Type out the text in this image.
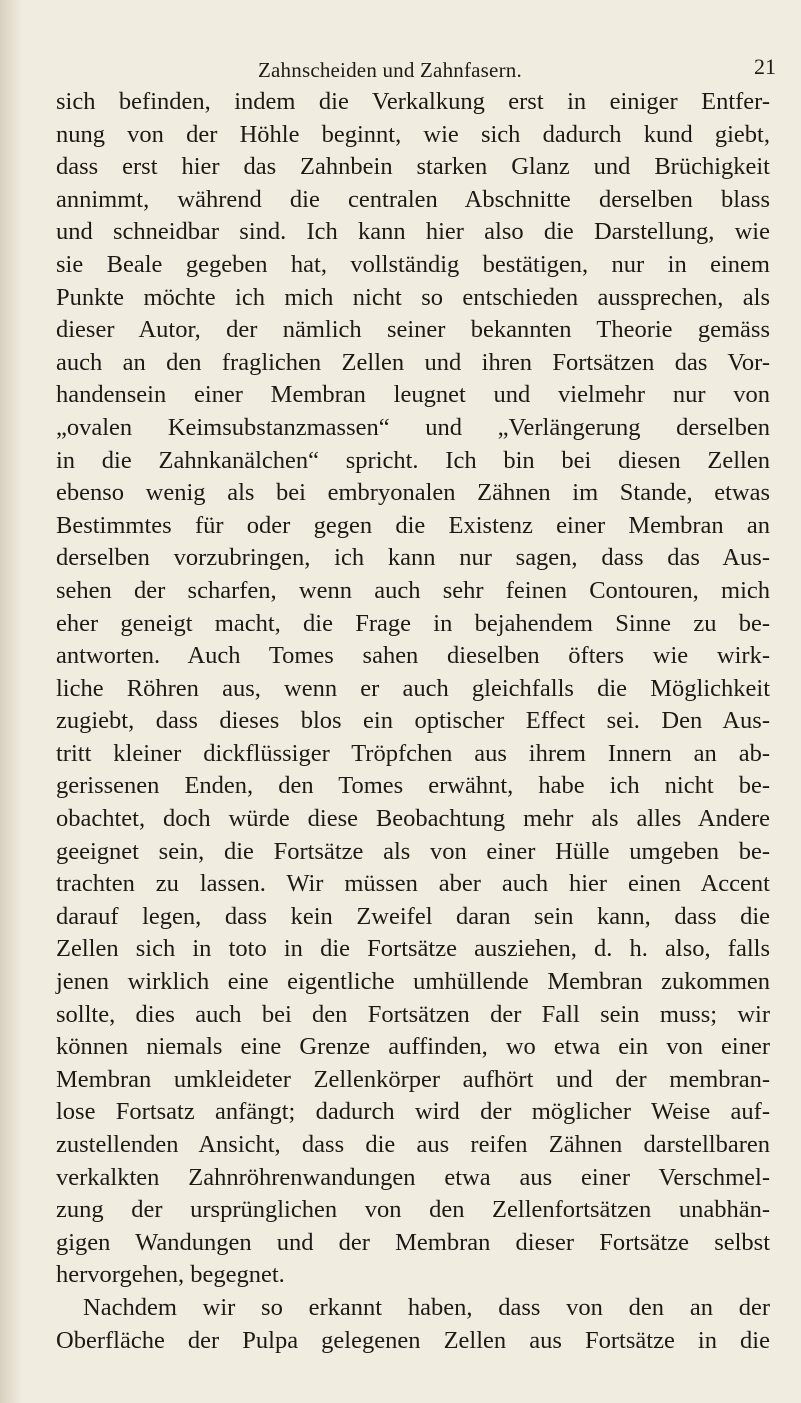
Zahnscheiden und Zahnfasern.	21
sich befinden, indem die Verkalkung erst in einiger Entfer-
nung von der Höhle beginnt, wie sich dadurch kund giebt,
dass erst hier das Zahnbein starken Glanz und Brüchigkeit
annimmt, während die centralen Abschnitte derselben blass
und schneidbar sind. Ich kann hier also die Darstellung, wie
sie Beale gegeben hat, vollständig bestätigen, nur in einem
Punkte möchte ich mich nicht so entschieden aussprechen, als
dieser Autor, der nämlich seiner bekannten Theorie gemäss
auch an den fraglichen Zellen und ihren Fortsätzen das Vor-
handensein einer Membran leugnet und vielmehr nur von
„ovalen Keimsubstanzmassen“ und „Verlängerung derselben
in die Zahnkanälchen“ spricht. Ich bin bei diesen Zellen
ebenso wenig als bei embryonalen Zähnen im Stande, etwas
Bestimmtes für oder gegen die Existenz einer Membran an
derselben vorzubringen, ich kann nur sagen, dass das Aus-
sehen der scharfen, wenn auch sehr feinen Contouren, mich
eher geneigt macht, die Frage in bejahendem Sinne zu be-
antworten. Auch Tomes sahen dieselben öfters wie wirk-
liche Röhren aus, wenn er auch gleichfalls die Möglichkeit
zugiebt, dass dieses blos ein optischer Effect sei. Den Aus-
tritt kleiner dickflüssiger Tröpfchen aus ihrem Innern an ab-
gerissenen Enden, den Tomes erwähnt, habe ich nicht be-
obachtet, doch würde diese Beobachtung mehr als alles Andere
geeignet sein, die Fortsätze als von einer Hülle umgeben be-
trachten zu lassen. Wir müssen aber auch hier einen Accent
darauf legen, dass kein Zweifel daran sein kann, dass die
Zellen sich in toto in die Fortsätze ausziehen, d. h. also, falls
jenen wirklich eine eigentliche umhüllende Membran zukommen
sollte, dies auch bei den Fortsätzen der Fall sein muss; wir
können niemals eine Grenze auffinden, wo etwa ein von einer
Membran umkleideter Zellenkörper aufhört und der membran-
lose Fortsatz anfängt; dadurch wird der möglicher Weise auf-
zustellenden Ansicht, dass die aus reifen Zähnen darstellbaren
verkalkten Zahnröhrenwandungen etwa aus einer Verschmel-
zung der ursprünglichen von den Zellenfortsätzen unabhän-
gigen Wandungen und der Membran dieser Fortsätze selbst
hervorgehen, begegnet.
Nachdem wir so erkannt haben, dass von den an der
Oberfläche der Pulpa gelegenen Zellen aus Fortsätze in die
